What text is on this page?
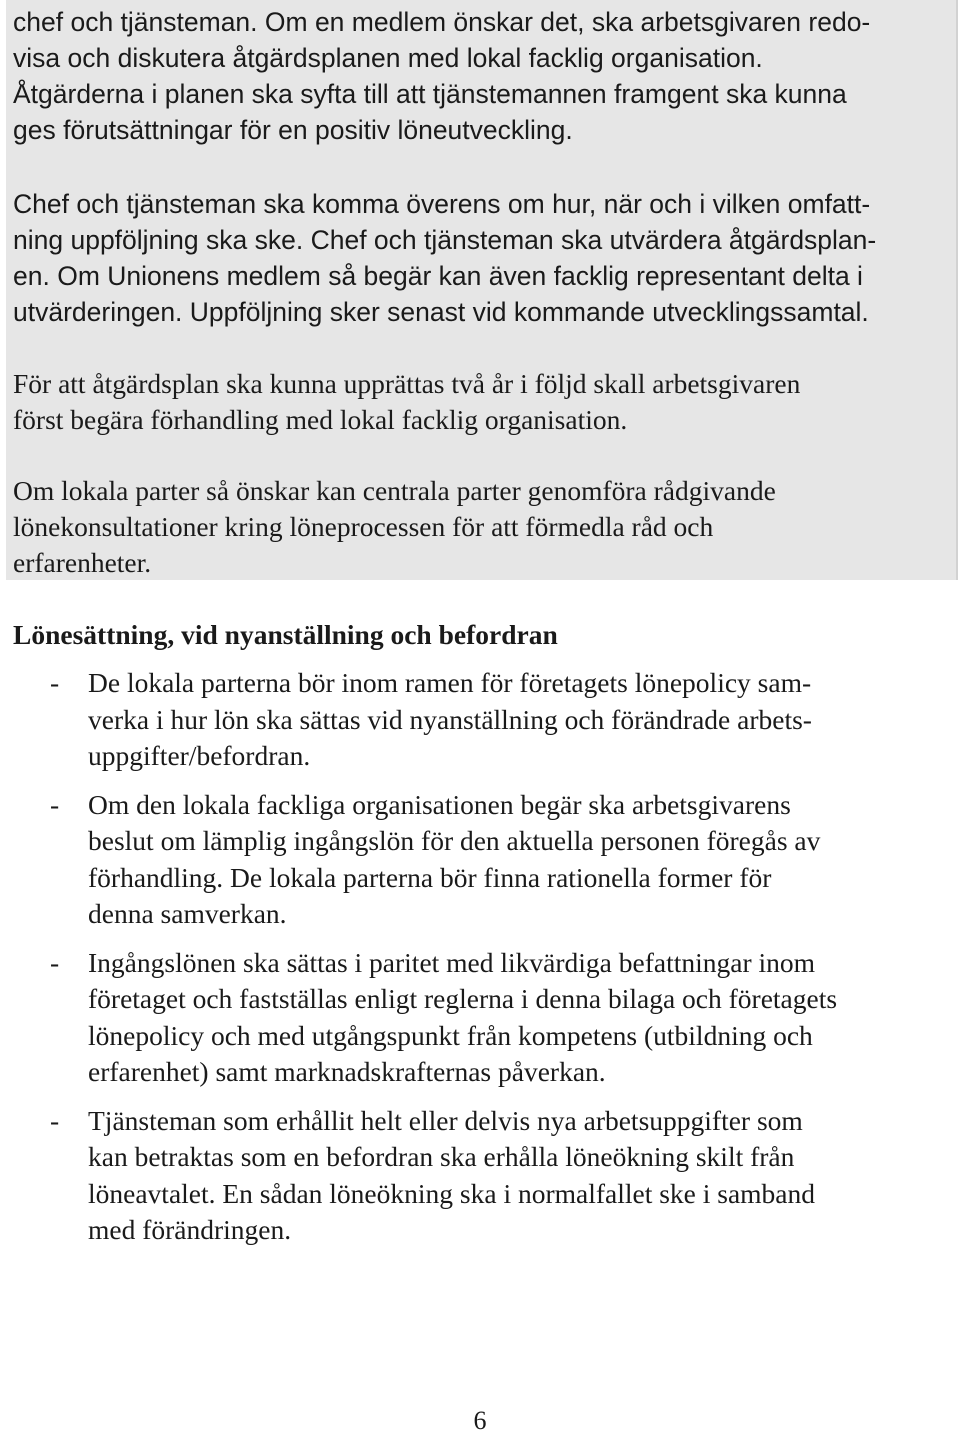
chef och tjänsteman. Om en medlem önskar det, ska arbetsgivaren redo-
visa och diskutera åtgärdsplanen med lokal facklig organisation.
Åtgärderna i planen ska syfta till att tjänstemannen framgent ska kunna
ges förutsättningar för en positiv löneutveckling.

Chef och tjänsteman ska komma överens om hur, när och i vilken omfatt-
ning uppföljning ska ske. Chef och tjänsteman ska utvärdera åtgärdsplan-
en. Om Unionens medlem så begär kan även facklig representant delta i
utvärderingen. Uppföljning sker senast vid kommande utvecklingssamtal.

För att åtgärdsplan ska kunna upprättas två år i följd skall arbetsgivaren
först begära förhandling med lokal facklig organisation.

Om lokala parter så önskar kan centrala parter genomföra rådgivande
lönekonsultationer kring löneprocessen för att förmedla råd och
erfarenheter.

Lönesättning, vid nyanställning och befordran
- De lokala parterna bör inom ramen för företagets lönepolicy sam-
verka i hur lön ska sättas vid nyanställning och förändrade arbets-
uppgifter/befordran.
- Om den lokala fackliga organisationen begär ska arbetsgivarens
beslut om lämplig ingångslön för den aktuella personen föregås av
förhandling. De lokala parterna bör finna rationella former för
denna samverkan.
- Ingångslönen ska sättas i paritet med likvärdiga befattningar inom
företaget och fastställas enligt reglerna i denna bilaga och företagets
lönepolicy och med utgångspunkt från kompetens (utbildning och
erfarenhet) samt marknadskrafternas påverkan.
- Tjänsteman som erhållit helt eller delvis nya arbetsuppgifter som
kan betraktas som en befordran ska erhålla löneökning skilt från
löneavtalet. En sådan löneökning ska i normalfallet ske i samband
med förändringen.

6
